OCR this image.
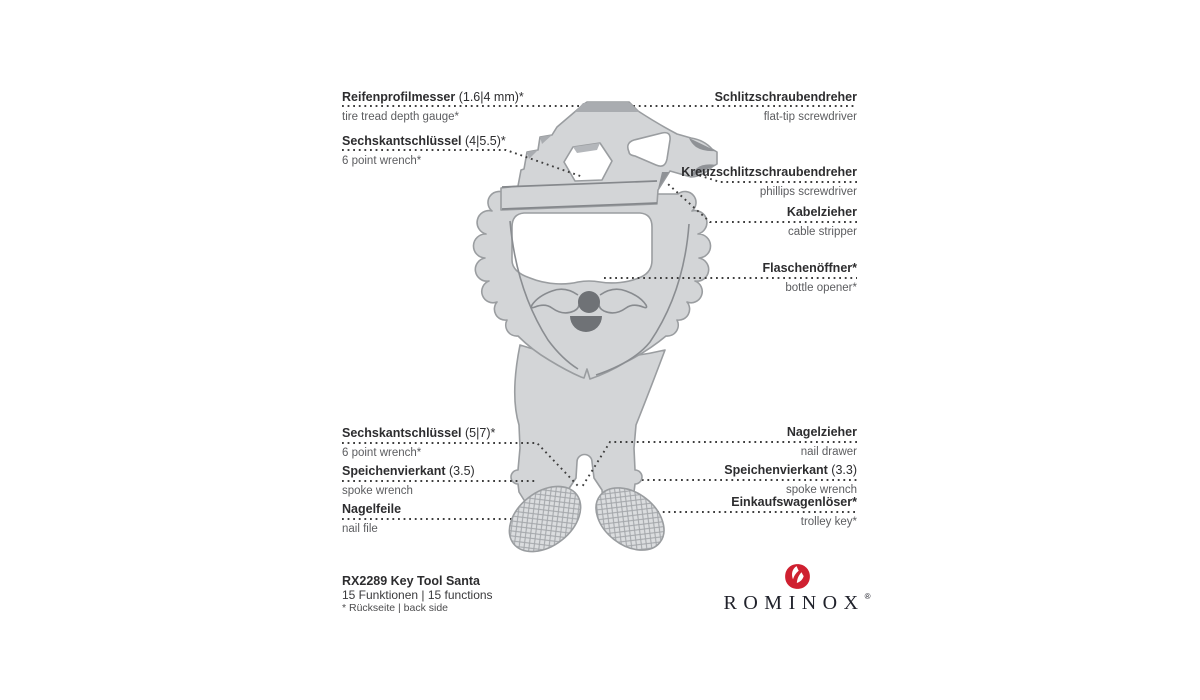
Reifenprofilmesser (1.6|4 mm)*
tire tread depth gauge*
Sechskantschlüssel (4|5.5)*
6 point wrench*
Sechskantschlüssel (5|7)*
6 point wrench*
Speichenvierkant (3.5)
spoke wrench
Nagelfeile
nail file
Schlitzschraubendreher
flat-tip screwdriver
Kreuzschlitzschraubendreher
phillips screwdriver
Kabelzieher
cable stripper
Flaschenöffner*
bottle opener*
Nagelzieher
nail drawer
Speichenvierkant (3.3)
spoke wrench
Einkaufswagenlöser*
trolley key*
RX2289 Key Tool Santa
15 Funktionen | 15 functions
* Rückseite | back side	ROMINOX®
